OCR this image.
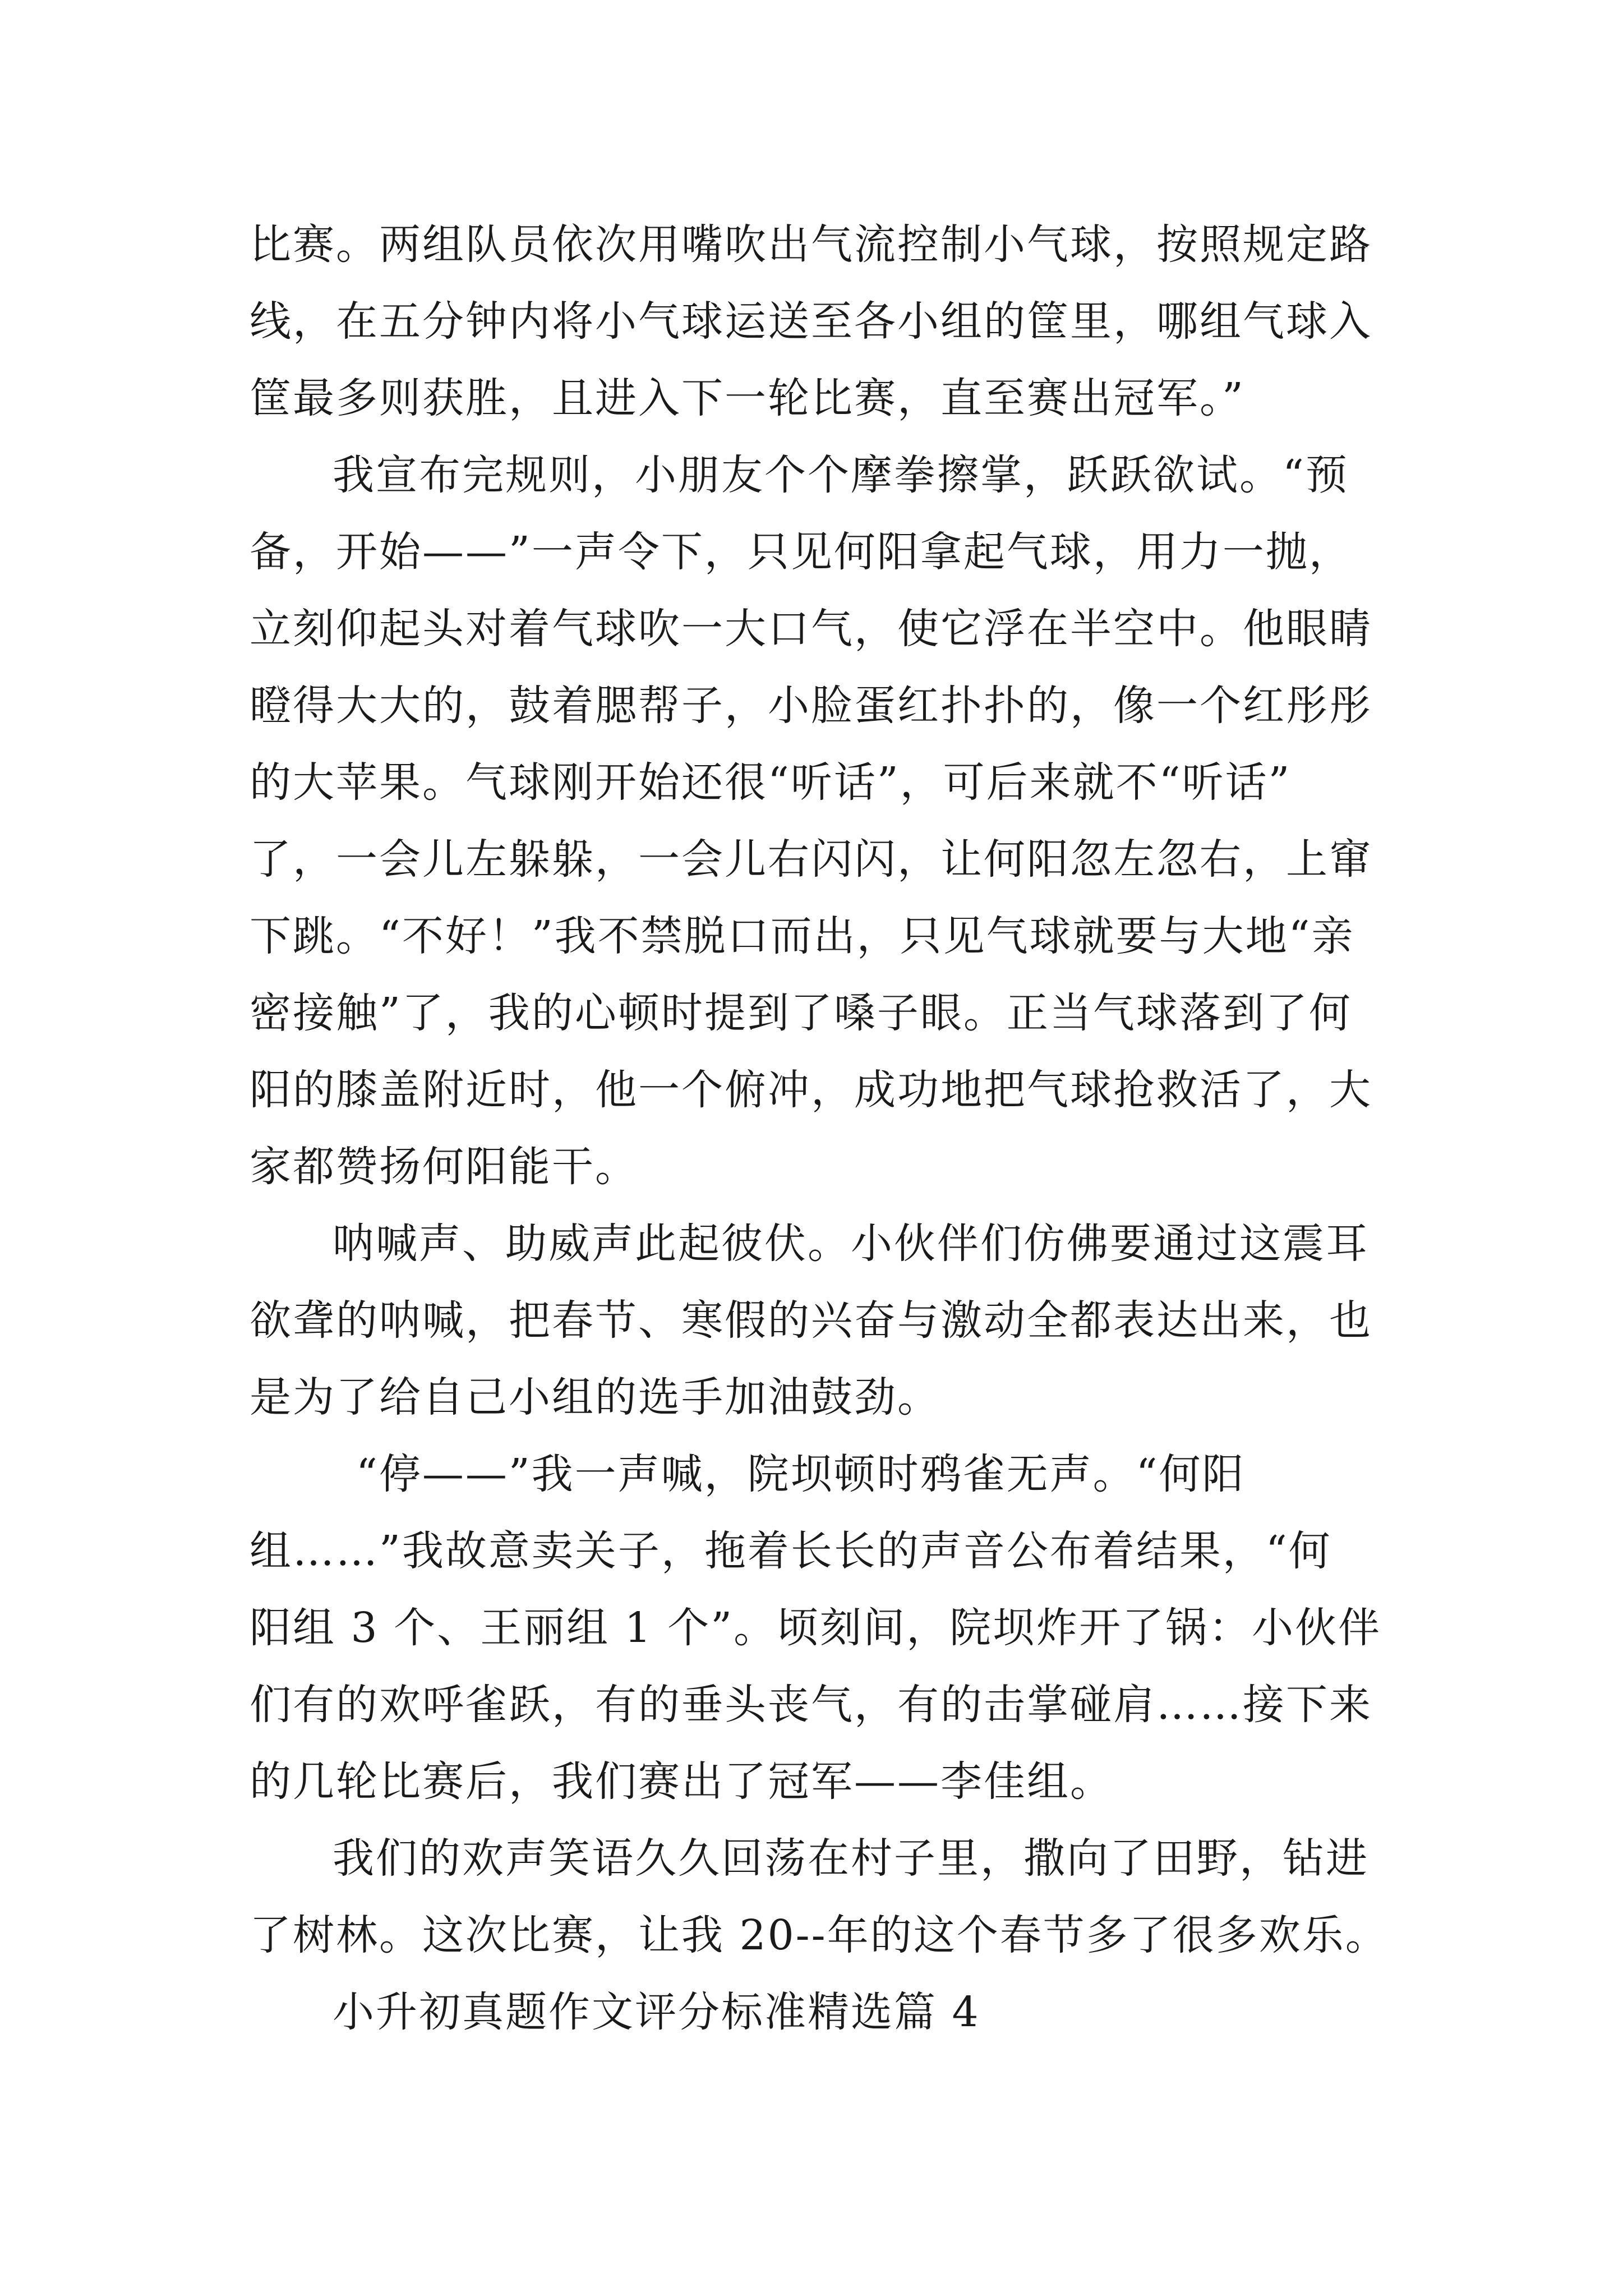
比赛。两组队员依次用嘴吹出气流控制小气球，按照规定路
线，在五分钟内将小气球运送至各小组的筐里，哪组气球入
筐最多则获胜，且进入下一轮比赛，直至赛出冠军。”
我宣布完规则，小朋友个个摩拳擦掌，跃跃欲试。“预
备，开始——”一声令下，只见何阳拿起气球，用力一抛，
立刻仰起头对着气球吹一大口气，使它浮在半空中。他眼睛
瞪得大大的，鼓着腮帮子，小脸蛋红扑扑的，像一个红彤彤
的大苹果。气球刚开始还很“听话”，可后来就不“听话”
了，一会儿左躲躲，一会儿右闪闪，让何阳忽左忽右，上窜
下跳。“不好！”我不禁脱口而出，只见气球就要与大地“亲
密接触”了，我的心顿时提到了嗓子眼。正当气球落到了何
阳的膝盖附近时，他一个俯冲，成功地把气球抢救活了，大
家都赞扬何阳能干。
呐喊声、助威声此起彼伏。小伙伴们仿佛要通过这震耳
欲聋的呐喊，把春节、寒假的兴奋与激动全都表达出来，也
是为了给自己小组的选手加油鼓劲。
“停——”我一声喊，院坝顿时鸦雀无声。“何阳
组……”我故意卖关子，拖着长长的声音公布着结果，“何
阳组 3 个、王丽组 1 个”。顷刻间，院坝炸开了锅：小伙伴
们有的欢呼雀跃，有的垂头丧气，有的击掌碰肩……接下来
的几轮比赛后，我们赛出了冠军——李佳组。
我们的欢声笑语久久回荡在村子里，撒向了田野，钻进
了树林。这次比赛，让我 20--年的这个春节多了很多欢乐。
小升初真题作文评分标准精选篇 4
